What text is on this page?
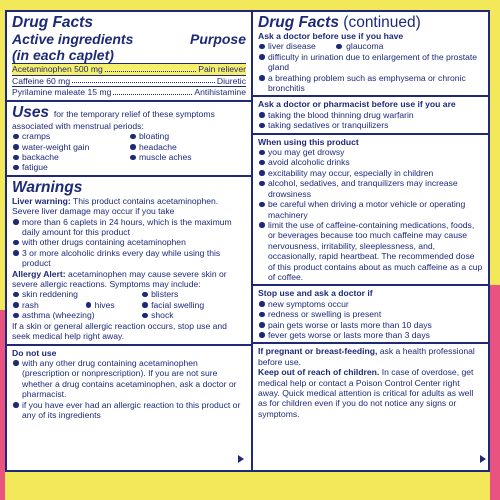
Drug Facts
Active ingredients	Purpose
(in each caplet)
Acetaminophen 500 mg	Pain reliever
Caffeine 60 mg	Diuretic
Pyrilamine maleate 15 mg	Antihistamine
Uses for the temporary relief of these symptoms associated with menstrual periods:
cramps	bloating
water-weight gain	headache
backache	muscle aches
fatigue
Warnings
Liver warning: This product contains acetaminophen. Severe liver damage may occur if you take
more than 6 caplets in 24 hours, which is the maximum daily amount for this product
with other drugs containing acetaminophen
3 or more alcoholic drinks every day while using this product
Allergy Alert: acetaminophen may cause severe skin or severe allergic reactions. Symptoms may include:
skin reddening	blisters
rash	hives	facial swelling
asthma (wheezing)	shock
If a skin or general allergic reaction occurs, stop use and seek medical help right away.
Do not use
with any other drug containing acetaminophen (prescription or nonprescription). If you are not sure whether a drug contains acetaminophen, ask a doctor or pharmacist.
if you have ever had an allergic reaction to this product or any of its ingredients
Drug Facts (continued)
Ask a doctor before use if you have
liver disease	glaucoma
difficulty in urination due to enlargement of the prostate gland
a breathing problem such as emphysema or chronic bronchitis
Ask a doctor or pharmacist before use if you are
taking the blood thinning drug warfarin
taking sedatives or tranquilizers
When using this product
you may get drowsy
avoid alcoholic drinks
excitability may occur, especially in children
alcohol, sedatives, and tranquilizers may increase drowsiness
be careful when driving a motor vehicle or operating machinery
limit the use of caffeine-containing medications, foods, or beverages because too much caffeine may cause nervousness, irritability, sleeplessness, and, occasionally, rapid heartbeat. The recommended dose of this product contains about as much caffeine as a cup of coffee.
Stop use and ask a doctor if
new symptoms occur
redness or swelling is present
pain gets worse or lasts more than 10 days
fever gets worse or lasts more than 3 days
If pregnant or breast-feeding, ask a health professional before use.
Keep out of reach of children. In case of overdose, get medical help or contact a Poison Control Center right away. Quick medical attention is critical for adults as well as for children even if you do not notice any signs or symptoms.
